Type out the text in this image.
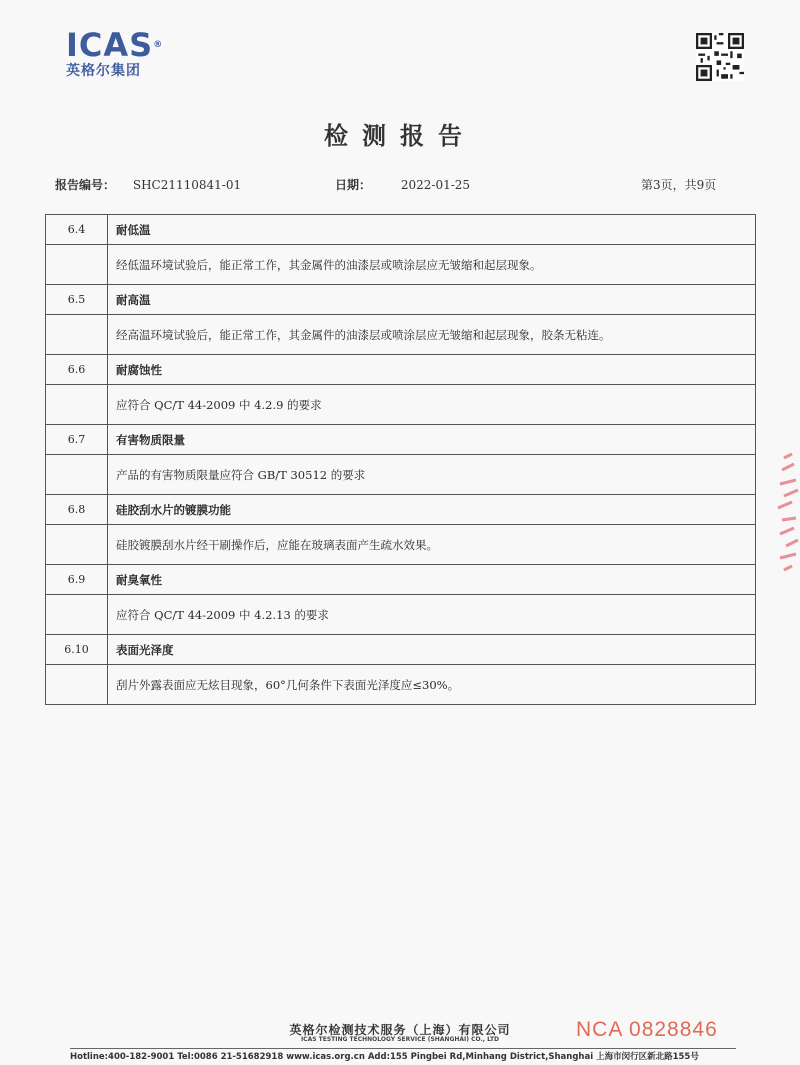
ICAS®
英格尔集团
检测报告
报告编号： SHC21110841-01	日期： 2022-01-25	第3页，共9页
6.4	耐低温
经低温环境试验后，能正常工作，其金属件的油漆层或喷涂层应无皱缩和起层现象。
6.5	耐高温
经高温环境试验后，能正常工作，其金属件的油漆层或喷涂层应无皱缩和起层现象，胶条无粘连。
6.6	耐腐蚀性
应符合 QC/T 44-2009 中 4.2.9 的要求
6.7	有害物质限量
产品的有害物质限量应符合 GB/T 30512 的要求
6.8	硅胶刮水片的镀膜功能
硅胶镀膜刮水片经干刷操作后，应能在玻璃表面产生疏水效果。
6.9	耐臭氧性
应符合 QC/T 44-2009 中 4.2.13 的要求
6.10	表面光泽度
刮片外露表面应无炫目现象，60°几何条件下表面光泽度应≤30%。
英格尔检测技术服务（上海）有限公司
ICAS TESTING TECHNOLOGY SERVICE (SHANGHAI) CO., LTD	NCA 0828846
Hotline:400-182-9001 Tel:0086 21-51682918 www.icas.org.cn Add:155 Pingbei Rd,Minhang District,Shanghai 上海市闵行区新北路155号
